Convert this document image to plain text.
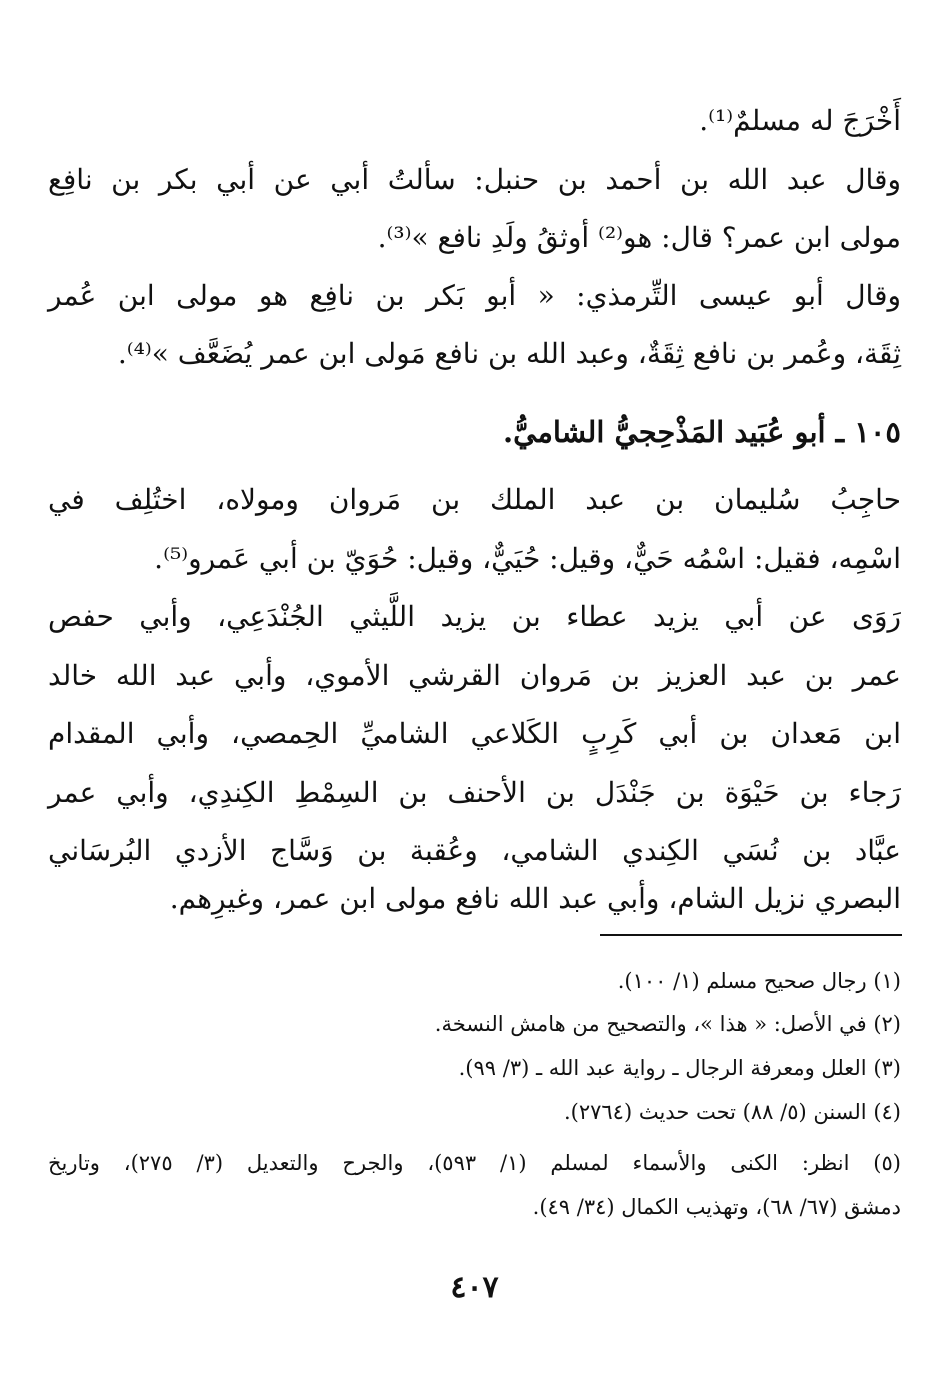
أَخْرَجَ له مسلمٌ⁽¹⁾.
وقال عبد الله بن أحمد بن حنبل: سألتُ أبي عن أبي بكر بن نافِع
مولى ابن عمر؟ قال: هو⁽²⁾ أوثقُ ولَدِ نافع »⁽³⁾.
وقال أبو عيسى التِّرمذي: « أبو بَكر بن نافِع هو مولى ابن عُمر
ثِقَة، وعُمر بن نافع ثِقَةٌ، وعبد الله بن نافع مَولى ابن عمر يُضَعَّف »⁽⁴⁾.
١٠٥ ـ أبو عُبَيد المَذْحِجيُّ الشاميُّ.
حاجِبُ سُليمان بن عبد الملك بن مَروان ومولاه، اختُلِف في
اسْمِه، فقيل: اسْمُه حَيٌّ، وقيل: حُيَيٌّ، وقيل: حُوَيّ بن أبي عَمرو⁽⁵⁾.
رَوَى عن أبي يزيد عطاء بن يزيد اللَّيثي الجُنْدَعِي، وأبي حفص
عمر بن عبد العزيز بن مَروان القرشي الأموي، وأبي عبد الله خالد
ابن مَعدان بن أبي كَرِبٍ الكَلاعي الشاميِّ الحِمصي، وأبي المقدام
رَجاء بن حَيْوَة بن جَنْدَل بن الأحنف بن السِمْطِ الكِندِي، وأبي عمر
عبَّاد بن نُسَي الكِندي الشامي، وعُقبة بن وَسَّاج الأزدي البُرسَاني
البصري نزيل الشام، وأبي عبد الله نافع مولى ابن عمر، وغيرِهم.
(١) رجال صحيح مسلم (١/ ١٠٠).
(٢) في الأصل: « هذا »، والتصحيح من هامش النسخة.
(٣) العلل ومعرفة الرجال ـ رواية عبد الله ـ (٣/ ٩٩).
(٤) السنن (٥/ ٨٨) تحت حديث (٢٧٦٤).
(٥) انظر: الكنى والأسماء لمسلم (١/ ٥٩٣)، والجرح والتعديل (٣/ ٢٧٥)، وتاريخ
دمشق (٦٧/ ٦٨)، وتهذيب الكمال (٣٤/ ٤٩).
٤٠٧
